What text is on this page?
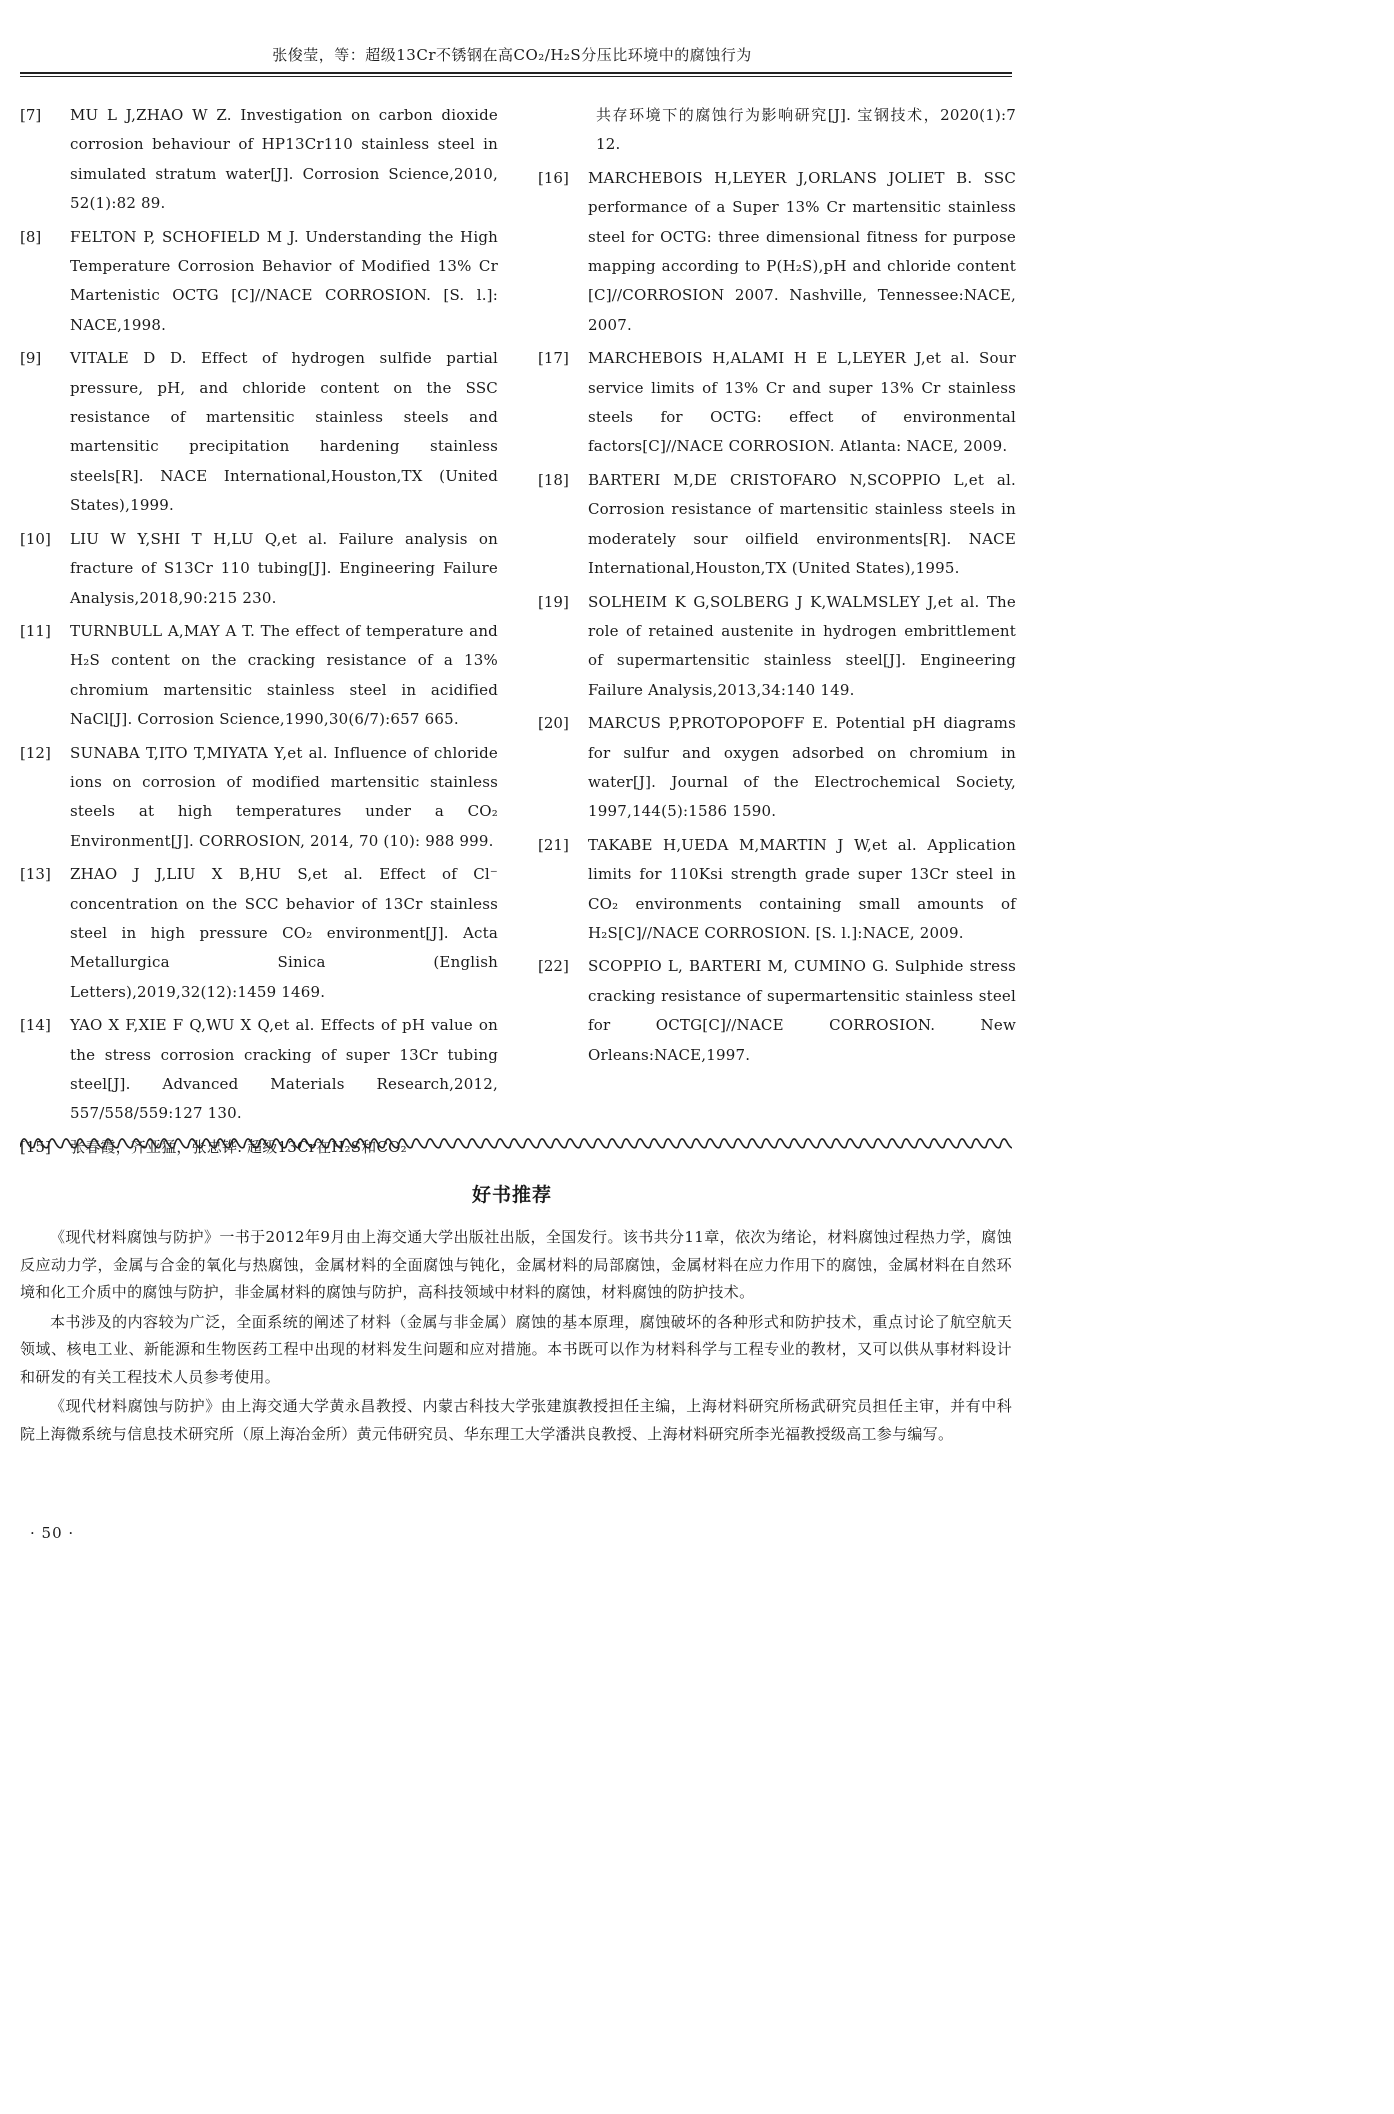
张俊莹，等：超级13Cr不锈钢在高CO₂/H₂S分压比环境中的腐蚀行为

[7]	MU L J,ZHAO W Z. Investigation on carbon dioxide corrosion behaviour of HP13Cr110 stainless steel in simulated stratum water[J]. Corrosion Science,2010, 52(1):82 89.

[8]	FELTON P, SCHOFIELD M J. Understanding the High Temperature Corrosion Behavior of Modified 13% Cr Martenistic OCTG [C]//NACE CORROSION. [S. l.]: NACE,1998.

[9]	VITALE D D. Effect of hydrogen sulfide partial pressure, pH, and chloride content on the SSC resistance of martensitic stainless steels and martensitic precipitation hardening stainless steels[R]. NACE International,Houston,TX (United States),1999.

[10]	LIU W Y,SHI T H,LU Q,et al. Failure analysis on fracture of S13Cr 110 tubing[J]. Engineering Failure Analysis,2018,90:215 230.

[11]	TURNBULL A,MAY A T. The effect of temperature and H₂S content on the cracking resistance of a 13% chromium martensitic stainless steel in acidified NaCl[J]. Corrosion Science,1990,30(6/7):657 665.

[12]	SUNABA T,ITO T,MIYATA Y,et al. Influence of chloride ions on corrosion of modified martensitic stainless steels at high temperatures under a CO₂ Environment[J]. CORROSION, 2014, 70 (10): 988 999.

[13]	ZHAO J J,LIU X B,HU S,et al. Effect of Cl⁻ concentration on the SCC behavior of 13Cr stainless steel in high pressure CO₂ environment[J]. Acta Metallurgica Sinica (English Letters),2019,32(12):1459 1469.

[14]	YAO X F,XIE F Q,WU X Q,et al. Effects of pH value on the stress corrosion cracking of super 13Cr tubing steel[J]. Advanced Materials Research,2012, 557/558/559:127 130.

[15]	张春霞，齐亚猛，张忠铧. 超级13Cr在H₂S和CO₂

共存环境下的腐蚀行为影响研究[J]. 宝钢技术，2020(1):7 12.

[16]	MARCHEBOIS H,LEYER J,ORLANS JOLIET B. SSC performance of a Super 13% Cr martensitic stainless steel for OCTG: three dimensional fitness for purpose mapping according to P(H₂S),pH and chloride content [C]//CORROSION 2007. Nashville, Tennessee:NACE, 2007.

[17]	MARCHEBOIS H,ALAMI H E L,LEYER J,et al. Sour service limits of 13% Cr and super 13% Cr stainless steels for OCTG: effect of environmental factors[C]//NACE CORROSION. Atlanta: NACE, 2009.

[18]	BARTERI M,DE CRISTOFARO N,SCOPPIO L,et al. Corrosion resistance of martensitic stainless steels in moderately sour oilfield environments[R]. NACE International,Houston,TX (United States),1995.

[19]	SOLHEIM K G,SOLBERG J K,WALMSLEY J,et al. The role of retained austenite in hydrogen embrittlement of supermartensitic stainless steel[J]. Engineering Failure Analysis,2013,34:140 149.

[20]	MARCUS P,PROTOPOPOFF E. Potential pH diagrams for sulfur and oxygen adsorbed on chromium in water[J]. Journal of the Electrochemical Society, 1997,144(5):1586 1590.

[21]	TAKABE H,UEDA M,MARTIN J W,et al. Application limits for 110Ksi strength grade super 13Cr steel in CO₂ environments containing small amounts of H₂S[C]//NACE CORROSION. [S. l.]:NACE, 2009.

[22]	SCOPPIO L, BARTERI M, CUMINO G. Sulphide stress cracking resistance of supermartensitic stainless steel for OCTG[C]//NACE CORROSION. New Orleans:NACE,1997.

好书推荐

《现代材料腐蚀与防护》一书于2012年9月由上海交通大学出版社出版，全国发行。该书共分11章，依次为绪论，材料腐蚀过程热力学，腐蚀反应动力学，金属与合金的氧化与热腐蚀，金属材料的全面腐蚀与钝化，金属材料的局部腐蚀，金属材料在应力作用下的腐蚀，金属材料在自然环境和化工介质中的腐蚀与防护，非金属材料的腐蚀与防护，高科技领域中材料的腐蚀，材料腐蚀的防护技术。

本书涉及的内容较为广泛，全面系统的阐述了材料（金属与非金属）腐蚀的基本原理，腐蚀破坏的各种形式和防护技术，重点讨论了航空航天领域、核电工业、新能源和生物医药工程中出现的材料发生问题和应对措施。本书既可以作为材料科学与工程专业的教材，又可以供从事材料设计和研发的有关工程技术人员参考使用。

《现代材料腐蚀与防护》由上海交通大学黄永昌教授、内蒙古科技大学张建旗教授担任主编，上海材料研究所杨武研究员担任主审，并有中科院上海微系统与信息技术研究所（原上海冶金所）黄元伟研究员、华东理工大学潘洪良教授、上海材料研究所李光福教授级高工参与编写。

· 50 ·
